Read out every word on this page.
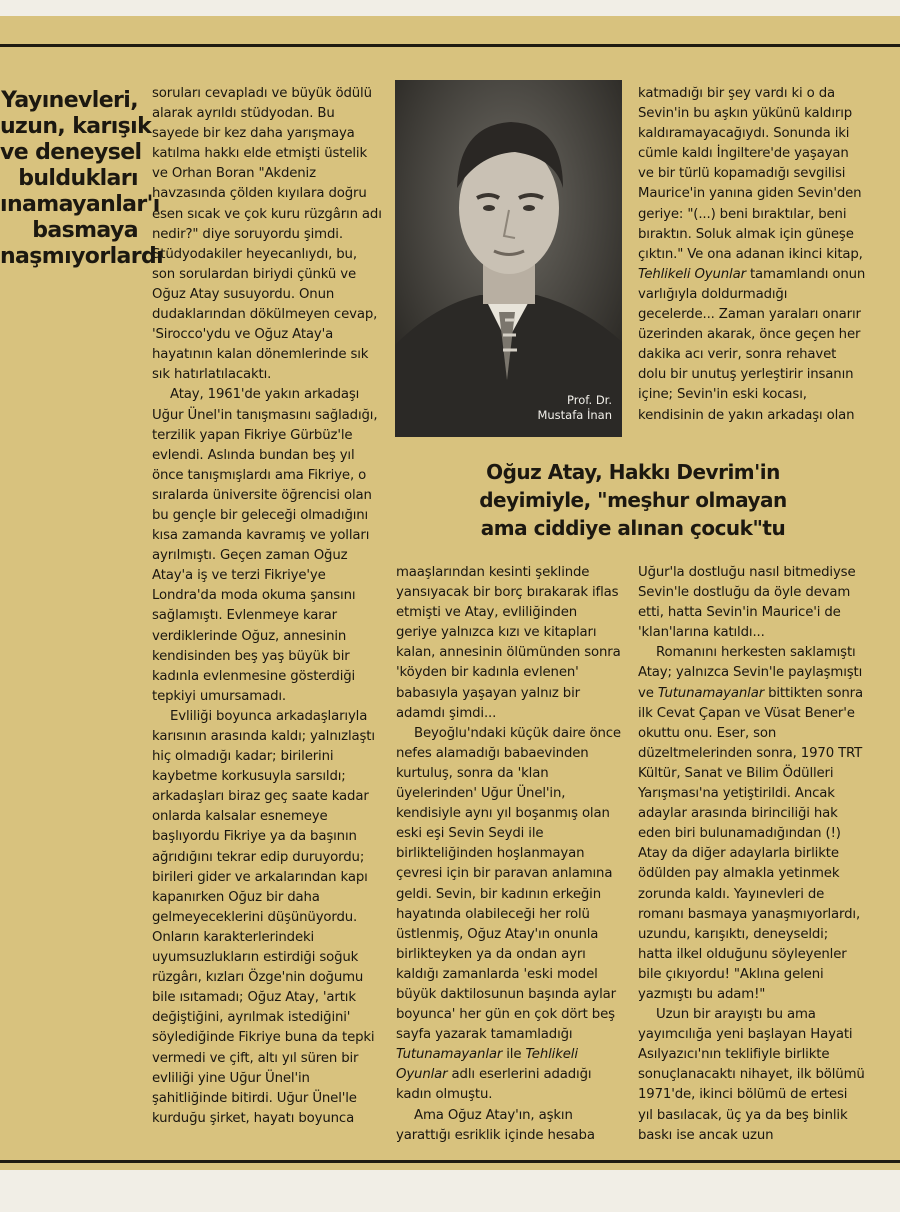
Yayınevleri,
uzun, karışık
ve deneysel
buldukları
ınamayanlar'ı
basmaya
naşmıyorlardı

soruları cevapladı ve büyük ödülü alarak ayrıldı stüdyodan. Bu sayede bir kez daha yarışmaya katılma hakkı elde etmişti üstelik ve Orhan Boran "Akdeniz havzasında çölden kıyılara doğru esen sıcak ve çok kuru rüzgârın adı nedir?" diye soruyordu şimdi. Stüdyodakiler heyecanlıydı, bu, son sorulardan biriydi çünkü ve Oğuz Atay susuyordu. Onun dudaklarından dökülmeyen cevap, 'Sirocco'ydu ve Oğuz Atay'a hayatının kalan dönemlerinde sık sık hatırlatılacaktı.

Atay, 1961'de yakın arkadaşı Uğur Ünel'in tanışmasını sağladığı, terzilik yapan Fikriye Gürbüz'le evlendi. Aslında bundan beş yıl önce tanışmışlardı ama Fikriye, o sıralarda üniversite öğrencisi olan bu gençle bir geleceği olmadığını kısa zamanda kavramış ve yolları ayrılmıştı. Geçen zaman Oğuz Atay'a iş ve terzi Fikriye'ye Londra'da moda okuma şansını sağlamıştı. Evlenmeye karar verdiklerinde Oğuz, annesinin kendisinden beş yaş büyük bir kadınla evlenmesine gösterdiği tepkiyi umursamadı.

Evliliği boyunca arkadaşlarıyla karısının arasında kaldı; yalnızlaştı hiç olmadığı kadar; birilerini kaybetme korkusuyla sarsıldı; arkadaşları biraz geç saate kadar onlarda kalsalar esnemeye başlıyordu Fikriye ya da başının ağrıdığını tekrar edip duruyordu; birileri gider ve arkalarından kapı kapanırken Oğuz bir daha gelmeyeceklerini düşünüyordu. Onların karakterlerindeki uyumsuzlukların estirdiği soğuk rüzgârı, kızları Özge'nin doğumu bile ısıtamadı; Oğuz Atay, 'artık değiştiğini, ayrılmak istediğini' söylediğinde Fikriye buna da tepki vermedi ve çift, altı yıl süren bir evliliği yine Uğur Ünel'in şahitliğinde bitirdi. Uğur Ünel'le kurduğu şirket, hayatı boyunca

Prof. Dr.
Mustafa İnan

katmadığı bir şey vardı ki o da Sevin'in bu aşkın yükünü kaldırıp kaldıramayacağıydı. Sonunda iki cümle kaldı İngiltere'de yaşayan ve bir türlü kopamadığı sevgilisi Maurice'in yanına giden Sevin'den geriye: "(...) beni bıraktılar, beni bıraktın. Soluk almak için güneşe çıktın." Ve ona adanan ikinci kitap, Tehlikeli Oyunlar tamamlandı onun varlığıyla doldurmadığı gecelerde... Zaman yaraları onarır üzerinden akarak, önce geçen her dakika acı verir, sonra rehavet dolu bir unutuş yerleştirir insanın içine; Sevin'in eski kocası, kendisinin de yakın arkadaşı olan

Oğuz Atay, Hakkı Devrim'in
deyimiyle, "meşhur olmayan
ama ciddiye alınan çocuk"tu

maaşlarından kesinti şeklinde yansıyacak bir borç bırakarak iflas etmişti ve Atay, evliliğinden geriye yalnızca kızı ve kitapları kalan, annesinin ölümünden sonra 'köyden bir kadınla evlenen' babasıyla yaşayan yalnız bir adamdı şimdi...

Beyoğlu'ndaki küçük daire önce nefes alamadığı babaevinden kurtuluş, sonra da 'klan üyelerinden' Uğur Ünel'in, kendisiyle aynı yıl boşanmış olan eski eşi Sevin Seydi ile birlikteliğinden hoşlanmayan çevresi için bir paravan anlamına geldi. Sevin, bir kadının erkeğin hayatında olabileceği her rolü üstlenmiş, Oğuz Atay'ın onunla birlikteyken ya da ondan ayrı kaldığı zamanlarda 'eski model büyük daktilosunun başında aylar boyunca' her gün en çok dört beş sayfa yazarak tamamladığı Tutunamayanlar ile Tehlikeli Oyunlar adlı eserlerini adadığı kadın olmuştu.

Ama Oğuz Atay'ın, aşkın yarattığı esriklik içinde hesaba

Uğur'la dostluğu nasıl bitmediyse Sevin'le dostluğu da öyle devam etti, hatta Sevin'in Maurice'i de 'klan'larına katıldı...

Romanını herkesten saklamıştı Atay; yalnızca Sevin'le paylaşmıştı ve Tutunamayanlar bittikten sonra ilk Cevat Çapan ve Vüsat Bener'e okuttu onu. Eser, son düzeltmelerinden sonra, 1970 TRT Kültür, Sanat ve Bilim Ödülleri Yarışması'na yetiştirildi. Ancak adaylar arasında birinciliği hak eden biri bulunamadığından (!) Atay da diğer adaylarla birlikte ödülden pay almakla yetinmek zorunda kaldı. Yayınevleri de romanı basmaya yanaşmıyorlardı, uzundu, karışıktı, deneyseldi; hatta ilkel olduğunu söyleyenler bile çıkıyordu! "Aklına geleni yazmıştı bu adam!"

Uzun bir arayıştı bu ama yayımcılığa yeni başlayan Hayati Asılyazıcı'nın teklifiyle birlikte sonuçlanacaktı nihayet, ilk bölümü 1971'de, ikinci bölümü de ertesi yıl basılacak, üç ya da beş binlik baskı ise ancak uzun
